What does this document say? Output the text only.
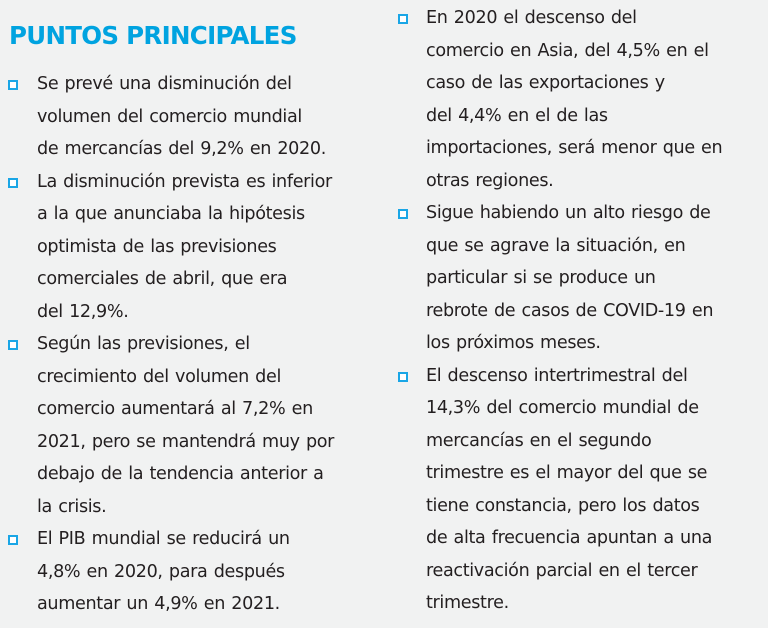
PUNTOS PRINCIPALES
Se prevé una disminución del
volumen del comercio mundial
de mercancías del 9,2% en 2020.
La disminución prevista es inferior
a la que anunciaba la hipótesis
optimista de las previsiones
comerciales de abril, que era
del 12,9%.
Según las previsiones, el
crecimiento del volumen del
comercio aumentará al 7,2% en
2021, pero se mantendrá muy por
debajo de la tendencia anterior a
la crisis.
El PIB mundial se reducirá un
4,8% en 2020, para después
aumentar un 4,9% en 2021.
En 2020 el descenso del
comercio en Asia, del 4,5% en el
caso de las exportaciones y
del 4,4% en el de las
importaciones, será menor que en
otras regiones.
Sigue habiendo un alto riesgo de
que se agrave la situación, en
particular si se produce un
rebrote de casos de COVID-19 en
los próximos meses.
El descenso intertrimestral del
14,3% del comercio mundial de
mercancías en el segundo
trimestre es el mayor del que se
tiene constancia, pero los datos
de alta frecuencia apuntan a una
reactivación parcial en el tercer
trimestre.
